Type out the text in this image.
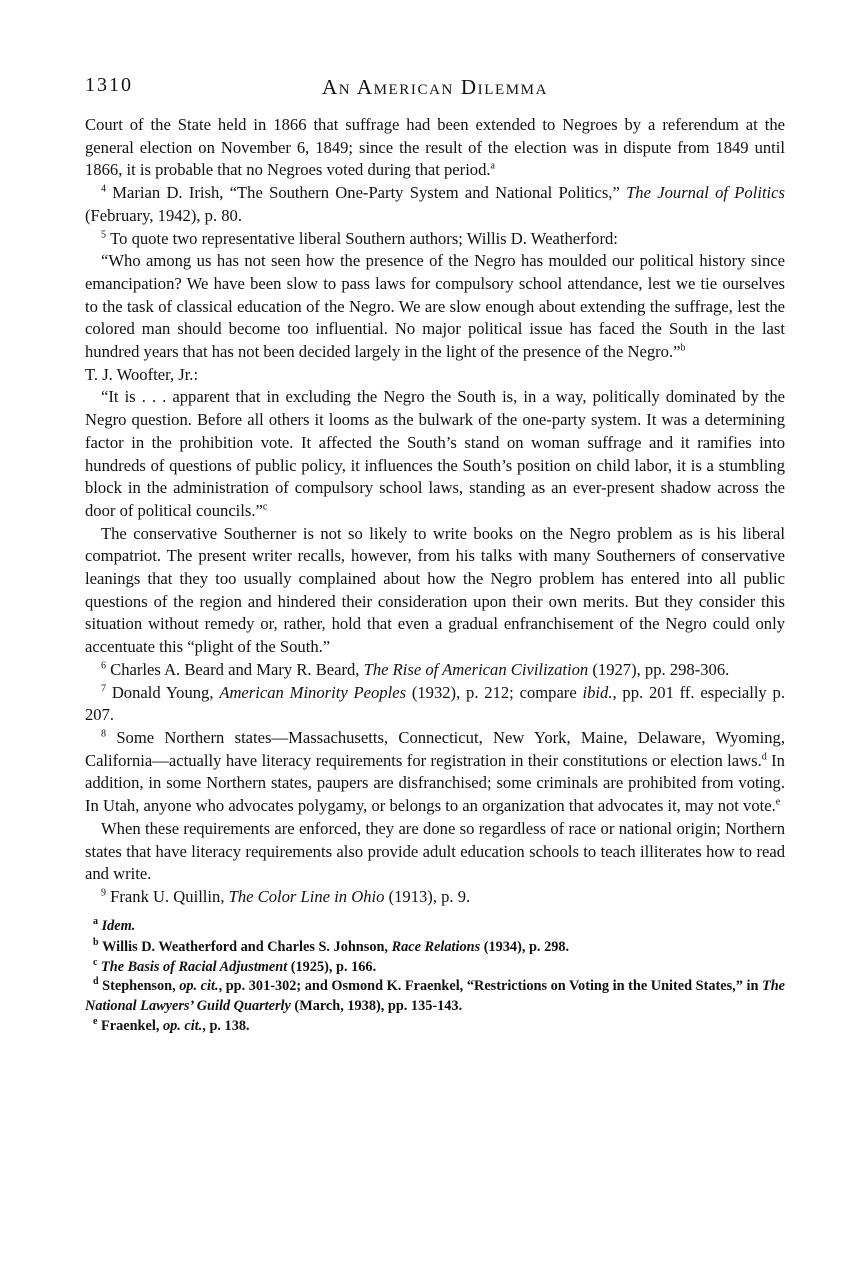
1310	An American Dilemma

Court of the State held in 1866 that suffrage had been extended to Negroes by a referendum at the general election on November 6, 1849; since the result of the election was in dispute from 1849 until 1866, it is probable that no Negroes voted during that period.$^a$

$^4$ Marian D. Irish, “The Southern One-Party System and National Politics,” The Journal of Politics (February, 1942), p. 80.

$^5$ To quote two representative liberal Southern authors; Willis D. Weatherford:

“Who among us has not seen how the presence of the Negro has moulded our political history since emancipation? We have been slow to pass laws for compulsory school attendance, lest we tie ourselves to the task of classical education of the Negro. We are slow enough about extending the suffrage, lest the colored man should become too influential. No major political issue has faced the South in the last hundred years that has not been decided largely in the light of the presence of the Negro.”$^b$

T. J. Woofter, Jr.:

“It is . . . apparent that in excluding the Negro the South is, in a way, politically dominated by the Negro question. Before all others it looms as the bulwark of the one-party system. It was a determining factor in the prohibition vote. It affected the South’s stand on woman suffrage and it ramifies into hundreds of questions of public policy, it influences the South’s position on child labor, it is a stumbling block in the administration of compulsory school laws, standing as an ever-present shadow across the door of political councils.”$^c$

The conservative Southerner is not so likely to write books on the Negro problem as is his liberal compatriot. The present writer recalls, however, from his talks with many Southerners of conservative leanings that they too usually complained about how the Negro problem has entered into all public questions of the region and hindered their consideration upon their own merits. But they consider this situation without remedy or, rather, hold that even a gradual enfranchisement of the Negro could only accentuate this “plight of the South.”

$^6$ Charles A. Beard and Mary R. Beard, The Rise of American Civilization (1927), pp. 298-306.

$^7$ Donald Young, American Minority Peoples (1932), p. 212; compare ibid., pp. 201 ff. especially p. 207.

$^8$ Some Northern states—Massachusetts, Connecticut, New York, Maine, Delaware, Wyoming, California—actually have literacy requirements for registration in their constitutions or election laws.$^d$ In addition, in some Northern states, paupers are disfranchised; some criminals are prohibited from voting. In Utah, anyone who advocates polygamy, or belongs to an organization that advocates it, may not vote.$^e$

When these requirements are enforced, they are done so regardless of race or national origin; Northern states that have literacy requirements also provide adult education schools to teach illiterates how to read and write.

$^9$ Frank U. Quillin, The Color Line in Ohio (1913), p. 9.

$^a$ Idem.

$^b$ Willis D. Weatherford and Charles S. Johnson, Race Relations (1934), p. 298.

$^c$ The Basis of Racial Adjustment (1925), p. 166.

$^d$ Stephenson, op. cit., pp. 301-302; and Osmond K. Fraenkel, “Restrictions on Voting in the United States,” in The National Lawyers’ Guild Quarterly (March, 1938), pp. 135-143.

$^e$ Fraenkel, op. cit., p. 138.
